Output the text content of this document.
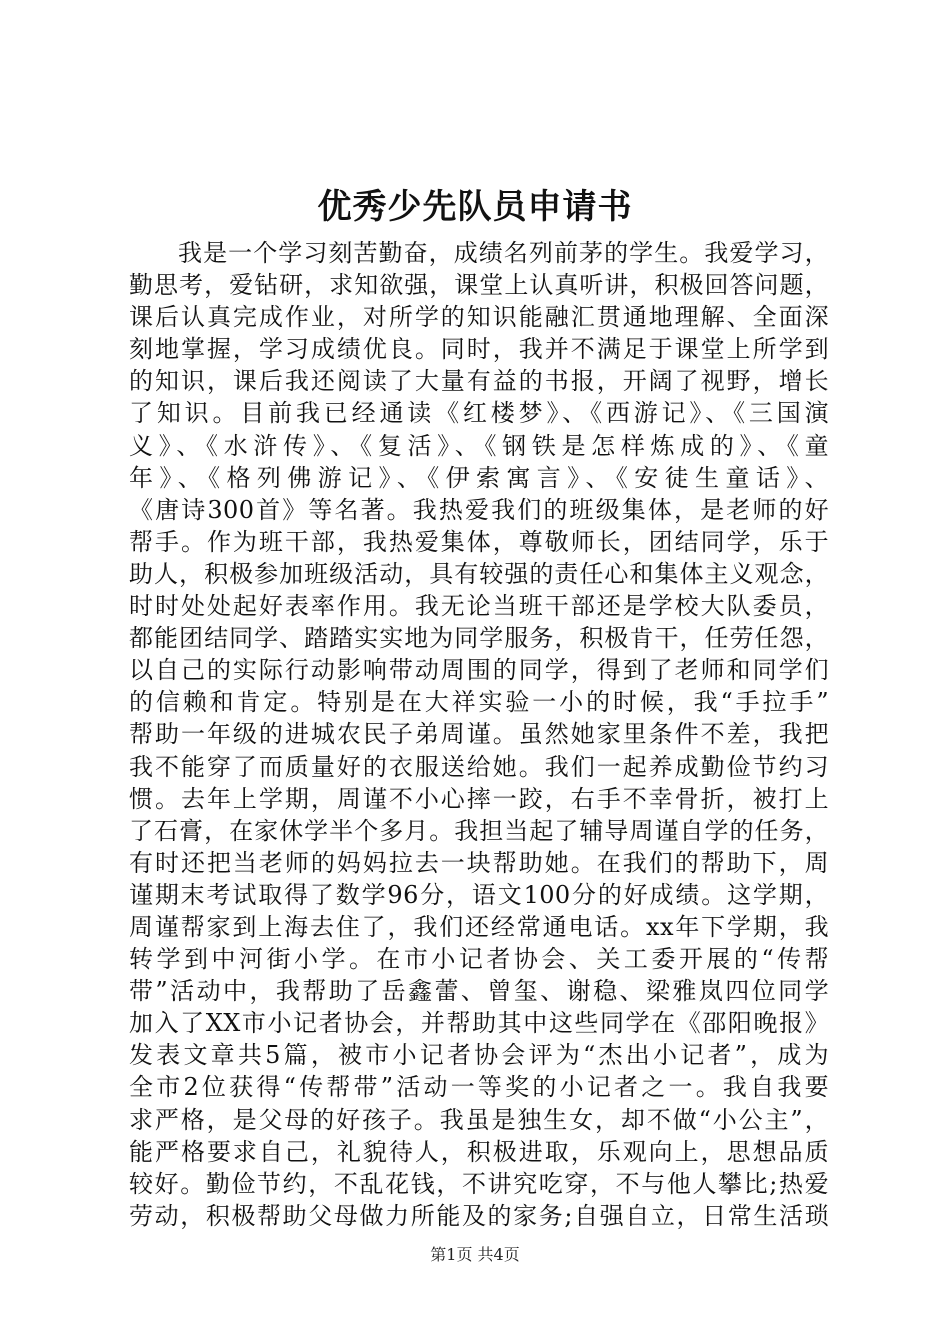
优秀少先队员申请书
我是一个学习刻苦勤奋，成绩名列前茅的学生。我爱学习，
勤思考，爱钻研，求知欲强，课堂上认真听讲，积极回答问题，
课后认真完成作业，对所学的知识能融汇贯通地理解、全面深
刻地掌握，学习成绩优良。同时，我并不满足于课堂上所学到
的知识，课后我还阅读了大量有益的书报，开阔了视野，增长
了知识。目前我已经通读《红楼梦》、《西游记》、《三国演
义》、《水浒传》、《复活》、《钢铁是怎样炼成的》、《童
年》、《格列佛游记》、《伊索寓言》、《安徒生童话》、
《唐诗300首》等名著。我热爱我们的班级集体，是老师的好
帮手。作为班干部，我热爱集体，尊敬师长，团结同学，乐于
助人，积极参加班级活动，具有较强的责任心和集体主义观念，
时时处处起好表率作用。我无论当班干部还是学校大队委员，
都能团结同学、踏踏实实地为同学服务，积极肯干，任劳任怨，
以自己的实际行动影响带动周围的同学，得到了老师和同学们
的信赖和肯定。特别是在大祥实验一小的时候，我“手拉手”
帮助一年级的进城农民子弟周谨。虽然她家里条件不差，我把
我不能穿了而质量好的衣服送给她。我们一起养成勤俭节约习
惯。去年上学期，周谨不小心摔一跤，右手不幸骨折，被打上
了石膏，在家休学半个多月。我担当起了辅导周谨自学的任务，
有时还把当老师的妈妈拉去一块帮助她。在我们的帮助下，周
谨期末考试取得了数学96分，语文100分的好成绩。这学期，
周谨帮家到上海去住了，我们还经常通电话。xx年下学期，我
转学到中河街小学。在市小记者协会、关工委开展的“传帮
带”活动中，我帮助了岳鑫蕾、曾玺、谢稳、梁雅岚四位同学
加入了XX市小记者协会，并帮助其中这些同学在《邵阳晚报》
发表文章共5篇，被市小记者协会评为“杰出小记者”，成为
全市2位获得“传帮带”活动一等奖的小记者之一。我自我要
求严格，是父母的好孩子。我虽是独生女，却不做“小公主”，
能严格要求自己，礼貌待人，积极进取，乐观向上，思想品质
较好。勤俭节约，不乱花钱，不讲究吃穿，不与他人攀比;热爱
劳动，积极帮助父母做力所能及的家务;自强自立，日常生活琐
第1页 共4页
